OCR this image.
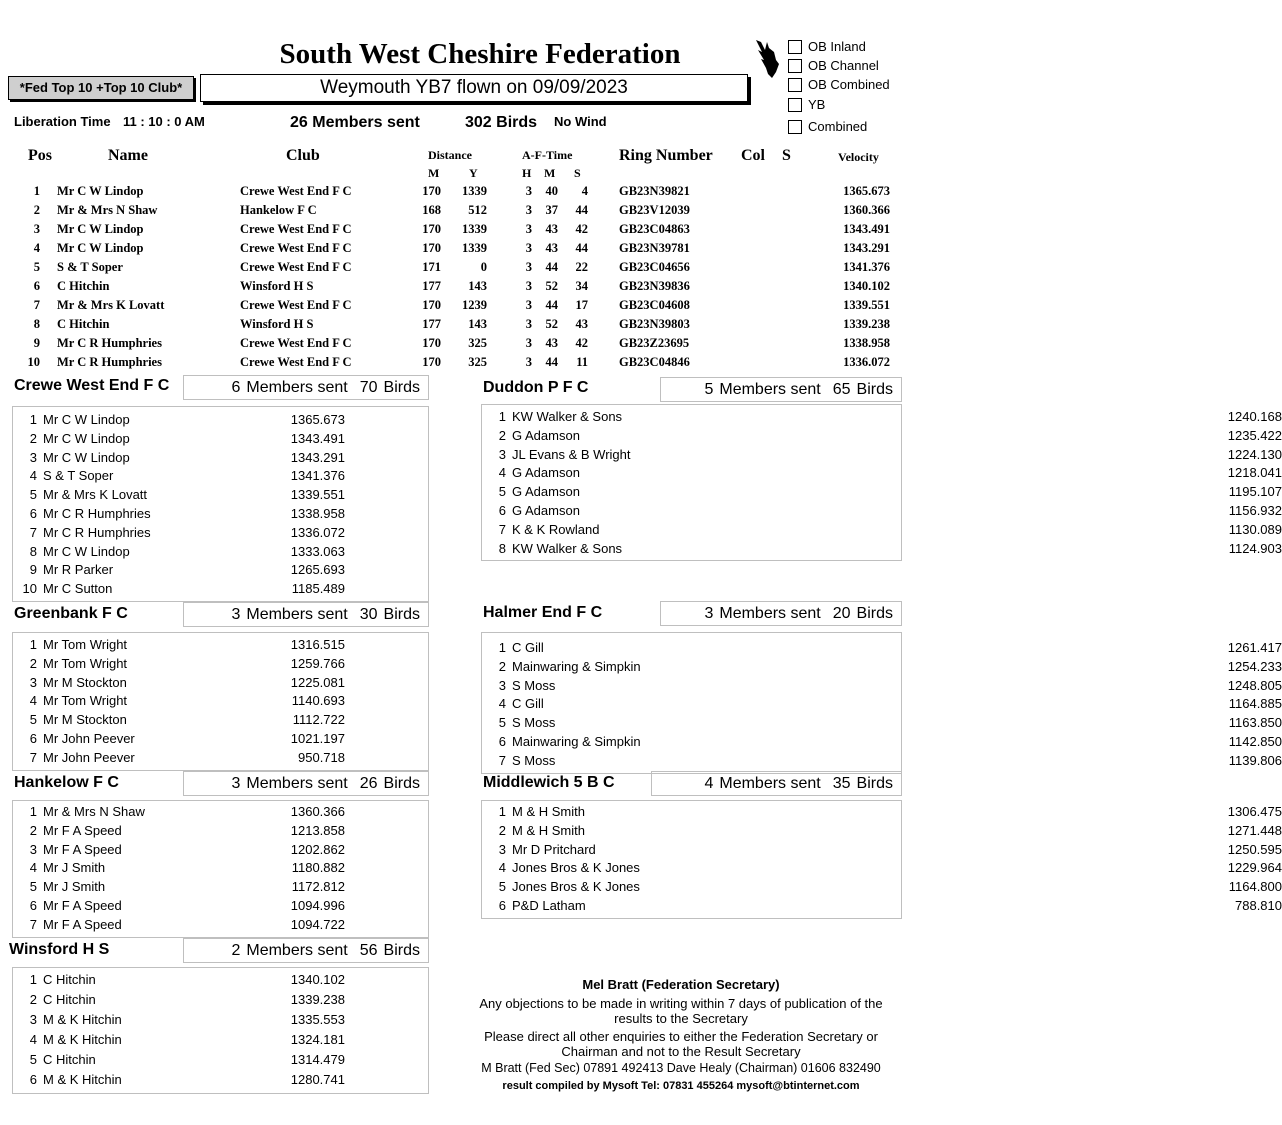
South West Cheshire Federation	OB Inland
OB Channel
OB Combined
YB
Combined
*Fed Top 10 +Top 10 Club*	Weymouth YB7 flown on 09/09/2023
Liberation Time 11 : 10 : 0 AM	26 Members sent	302 Birds No Wind
Pos	Name	Club	Distance	A-F-Time
M Y	H M S
Ring Number Col S	Velocity
1 Mr C W Lindop	Crewe West End F C	170	1339	3	40	4 GB23N39821	1365.673
2 Mr & Mrs N Shaw	Hankelow F C	168	512	3	37	44 GB23V12039	1360.366
3 Mr C W Lindop	Crewe West End F C	170	1339	3	43	42 GB23C04863	1343.491
4 Mr C W Lindop	Crewe West End F C	170	1339	3	43	44 GB23N39781	1343.291
5 S & T Soper	Crewe West End F C	171	0	3	44	22 GB23C04656	1341.376
6 C Hitchin	Winsford H S	177	143	3	52	34 GB23N39836	1340.102
7 Mr & Mrs K Lovatt	Crewe West End F C	170	1239	3	44	17 GB23C04608	1339.551
8 C Hitchin	Winsford H S	177	143	3	52	43 GB23N39803	1339.238
9 Mr C R Humphries	Crewe West End F C	170	325	3	43	42 GB23Z23695	1338.958
10 Mr C R Humphries	Crewe West End F C	170	325	3	44	11 GB23C04846	1336.072
Crewe West End F C	6 Members sent 70 Birds
1 Mr C W Lindop	1365.673
2 Mr C W Lindop	1343.491
3 Mr C W Lindop	1343.291
4 S & T Soper	1341.376
5 Mr & Mrs K Lovatt	1339.551
6 Mr C R Humphries	1338.958
7 Mr C R Humphries	1336.072
8 Mr C W Lindop	1333.063
9 Mr R Parker	1265.693
10 Mr C Sutton	1185.489
Duddon P F C	5 Members sent 65 Birds
1 KW Walker & Sons	1240.168
2 G Adamson	1235.422
3 JL Evans & B Wright	1224.130
4 G Adamson	1218.041
5 G Adamson	1195.107
6 G Adamson	1156.932
7 K & K Rowland	1130.089
8 KW Walker & Sons	1124.903
Greenbank F C	3 Members sent 30 Birds
1 Mr Tom Wright	1316.515
2 Mr Tom Wright	1259.766
3 Mr M Stockton	1225.081
4 Mr Tom Wright	1140.693
5 Mr M Stockton	1112.722
6 Mr John Peever	1021.197
7 Mr John Peever	950.718
Halmer End F C	3 Members sent 20 Birds
1 C Gill	1261.417
2 Mainwaring & Simpkin	1254.233
3 S Moss	1248.805
4 C Gill	1164.885
5 S Moss	1163.850
6 Mainwaring & Simpkin	1142.850
7 S Moss	1139.806
Hankelow F C	3 Members sent 26 Birds
1 Mr & Mrs N Shaw	1360.366
2 Mr F A Speed	1213.858
3 Mr F A Speed	1202.862
4 Mr J Smith	1180.882
5 Mr J Smith	1172.812
6 Mr F A Speed	1094.996
7 Mr F A Speed	1094.722
Middlewich 5 B C	4 Members sent 35 Birds
1 M & H Smith	1306.475
2 M & H Smith	1271.448
3 Mr D Pritchard	1250.595
4 Jones Bros & K Jones	1229.964
5 Jones Bros & K Jones	1164.800
6 P&D Latham	788.810
Winsford H S	2 Members sent 56 Birds
1 C Hitchin	1340.102
2 C Hitchin	1339.238
3 M & K Hitchin	1335.553
4 M & K Hitchin	1324.181
5 C Hitchin	1314.479
6 M & K Hitchin	1280.741
Mel Bratt (Federation Secretary)
Any objections to be made in writing within 7 days of publication of the
results to the Secretary
Please direct all other enquiries to either the Federation Secretary or
Chairman and not to the Result Secretary
M Bratt (Fed Sec) 07891 492413 Dave Healy (Chairman) 01606 832490
result compiled by Mysoft Tel: 07831 455264 mysoft@btinternet.com
